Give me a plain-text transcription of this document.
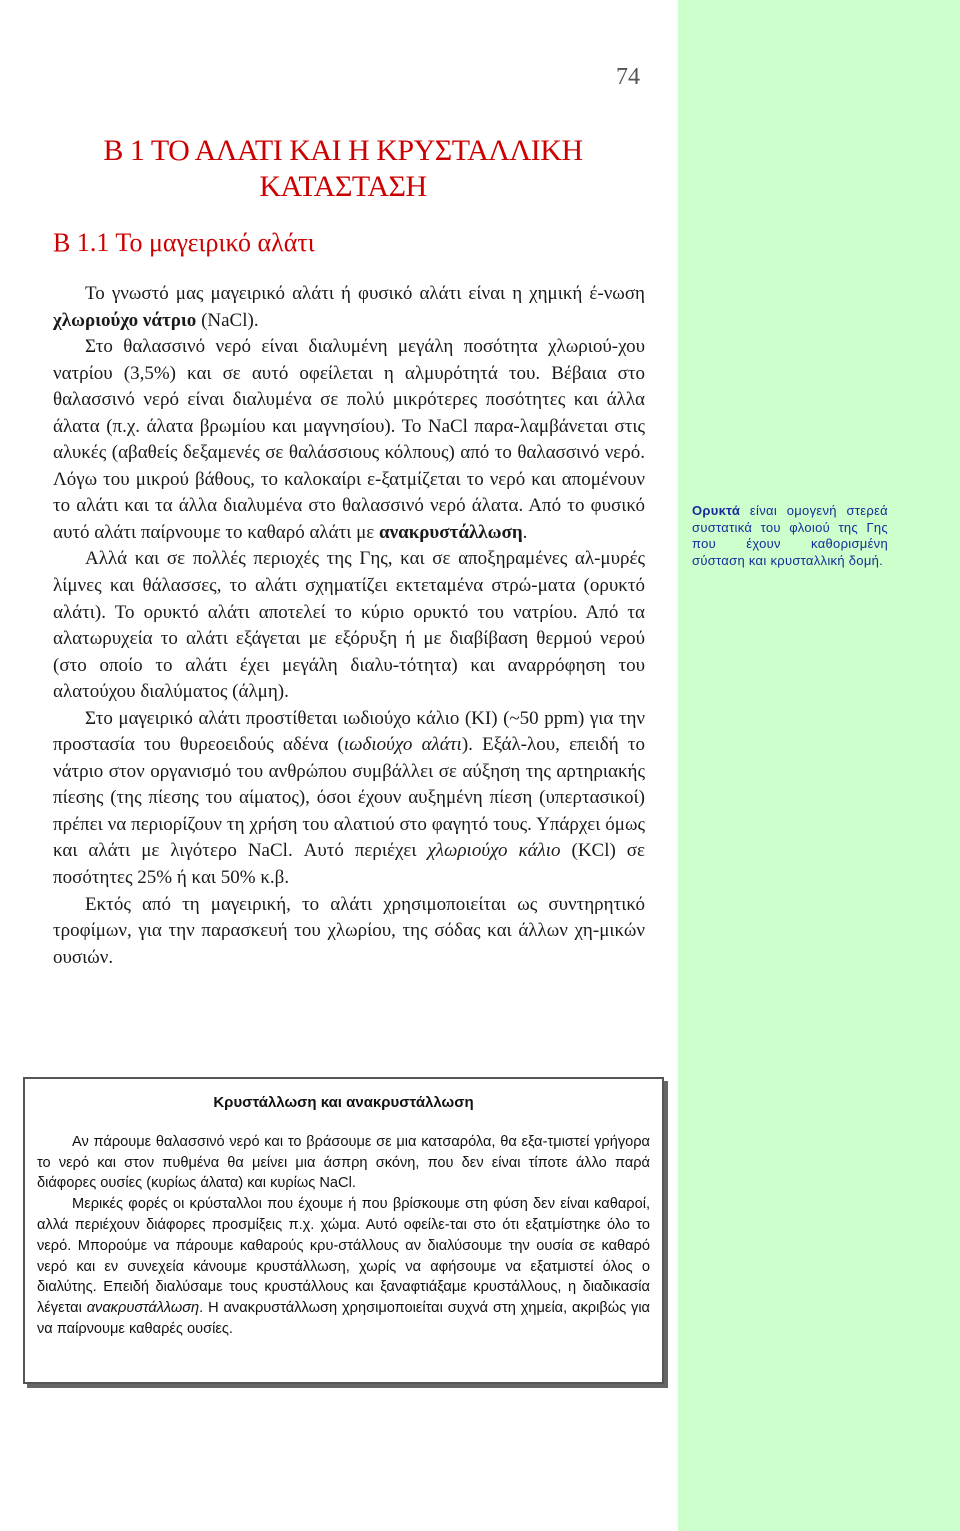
74
Β 1 ΤΟ ΑΛΑΤΙ ΚΑΙ Η ΚΡΥΣΤΑΛΛΙΚΗ
ΚΑΤΑΣΤΑΣΗ
Β 1.1 Το μαγειρικό αλάτι

Το γνωστό μας μαγειρικό αλάτι ή φυσικό αλάτι είναι η χημική έ-νωση χλωριούχο νάτριο (NaCl).

Στο θαλασσινό νερό είναι διαλυμένη μεγάλη ποσότητα χλωριού-χου νατρίου (3,5%) και σε αυτό οφείλεται η αλμυρότητά του. Βέβαια στο θαλασσινό νερό είναι διαλυμένα σε πολύ μικρότερες ποσότητες και άλλα άλατα (π.χ. άλατα βρωμίου και μαγνησίου). Το NaCl παρα-λαμβάνεται στις αλυκές (αβαθείς δεξαμενές σε θαλάσσιους κόλπους) από το θαλασσινό νερό. Λόγω του μικρού βάθους, το καλοκαίρι ε-ξατμίζεται το νερό και απομένουν το αλάτι και τα άλλα διαλυμένα στο θαλασσινό νερό άλατα. Από το φυσικό αυτό αλάτι παίρνουμε το καθαρό αλάτι με ανακρυστάλλωση.

Αλλά και σε πολλές περιοχές της Γης, και σε αποξηραμένες αλ-μυρές λίμνες και θάλασσες, το αλάτι σχηματίζει εκτεταμένα στρώ-ματα (ορυκτό αλάτι). Το ορυκτό αλάτι αποτελεί το κύριο ορυκτό του νατρίου. Από τα αλατωρυχεία το αλάτι εξάγεται με εξόρυξη ή με διαβίβαση θερμού νερού (στο οποίο το αλάτι έχει μεγάλη διαλυ-τότητα) και αναρρόφηση του αλατούχου διαλύματος (άλμη).

Στο μαγειρικό αλάτι προστίθεται ιωδιούχο κάλιο (KI) (~50 ppm) για την προστασία του θυρεοειδούς αδένα (ιωδιούχο αλάτι). Εξάλ-λου, επειδή το νάτριο στον οργανισμό του ανθρώπου συμβάλλει σε αύξηση της αρτηριακής πίεσης (της πίεσης του αίματος), όσοι έχουν αυξημένη πίεση (υπερτασικοί) πρέπει να περιορίζουν τη χρήση του αλατιού στο φαγητό τους. Υπάρχει όμως και αλάτι με λιγότερο NaCl. Αυτό περιέχει χλωριούχο κάλιο (KCl) σε ποσότητες 25% ή και 50% κ.β.

Εκτός από τη μαγειρική, το αλάτι χρησιμοποιείται ως συντηρητικό τροφίμων, για την παρασκευή του χλωρίου, της σόδας και άλλων χη-μικών ουσιών.

Ορυκτά είναι ομογενή στερεά συστατικά του φλοιού της Γης που έχουν καθορισμένη σύσταση και κρυσταλλική δομή.
Κρυστάλλωση και ανακρυστάλλωση

Αν πάρουμε θαλασσινό νερό και το βράσουμε σε μια κατσαρόλα, θα εξα-τμιστεί γρήγορα το νερό και στον πυθμένα θα μείνει μια άσπρη σκόνη, που δεν είναι τίποτε άλλο παρά διάφορες ουσίες (κυρίως άλατα) και κυρίως NaCl.

Μερικές φορές οι κρύσταλλοι που έχουμε ή που βρίσκουμε στη φύση δεν είναι καθαροί, αλλά περιέχουν διάφορες προσμίξεις π.χ. χώμα. Αυτό οφείλε-ται στο ότι εξατμίστηκε όλο το νερό. Μπορούμε να πάρουμε καθαρούς κρυ-στάλλους αν διαλύσουμε την ουσία σε καθαρό νερό και εν συνεχεία κάνουμε κρυστάλλωση, χωρίς να αφήσουμε να εξατμιστεί όλος ο διαλύτης. Επειδή διαλύσαμε τους κρυστάλλους και ξαναφτιάξαμε κρυστάλλους, η διαδικασία λέγεται ανακρυστάλλωση. Η ανακρυστάλλωση χρησιμοποιείται συχνά στη χημεία, ακριβώς για να παίρνουμε καθαρές ουσίες.
